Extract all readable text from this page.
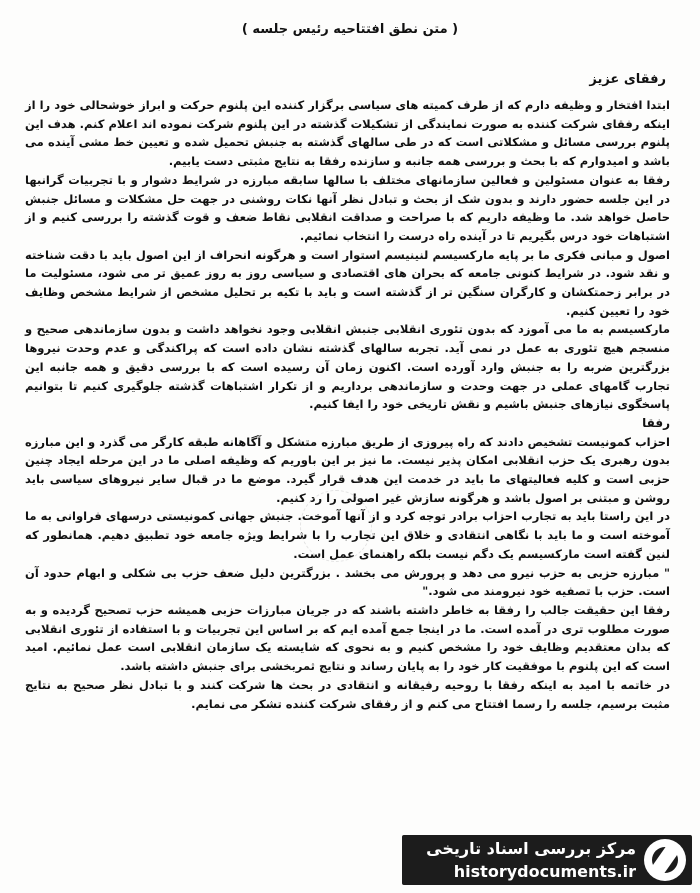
( متن نطق افتتاحیه رئیس جلسه )
رفقای عزیز

ابتدا افتخار و وظیفه دارم که از طرف کمیته های سیاسی برگزار کننده این پلنوم حرکت و ابراز خوشحالی خود را از اینکه رفقای شرکت کننده به صورت نمایندگی از تشکیلات گذشته در این پلنوم شرکت نموده اند اعلام کنم. هدف این پلنوم بررسی مسائل و مشکلاتی است که در طی سالهای گذشته به جنبش تحمیل شده و تعیین خط مشی آینده می باشد و امیدوارم که با بحث و بررسی همه جانبه و سازنده رفقا به نتایج مثبتی دست یابیم.

رفقا به عنوان مسئولین و فعالین سازمانهای مختلف با سالها سابقه مبارزه در شرایط دشوار و با تجربیات گرانبها در این جلسه حضور دارند و بدون شک از بحث و تبادل نظر آنها نکات روشنی در جهت حل مشکلات و مسائل جنبش حاصل خواهد شد. ما وظیفه داریم که با صراحت و صداقت انقلابی نقاط ضعف و قوت گذشته را بررسی کنیم و از اشتباهات خود درس بگیریم تا در آینده راه درست را انتخاب نمائیم.

اصول و مبانی فکری ما بر پایه مارکسیسم لنینیسم استوار است و هرگونه انحراف از این اصول باید با دقت شناخته و نقد شود. در شرایط کنونی جامعه که بحران های اقتصادی و سیاسی روز به روز عمیق تر می شود، مسئولیت ما در برابر زحمتکشان و کارگران سنگین تر از گذشته است و باید با تکیه بر تحلیل مشخص از شرایط مشخص وظایف خود را تعیین کنیم.

مارکسیسم به ما می آموزد که بدون تئوری انقلابی جنبش انقلابی وجود نخواهد داشت و بدون سازماندهی صحیح و منسجم هیچ تئوری به عمل در نمی آید. تجربه سالهای گذشته نشان داده است که پراکندگی و عدم وحدت نیروها بزرگترین ضربه را به جنبش وارد آورده است. اکنون زمان آن رسیده است که با بررسی دقیق و همه جانبه این تجارب گامهای عملی در جهت وحدت و سازماندهی برداریم و از تکرار اشتباهات گذشته جلوگیری کنیم تا بتوانیم پاسخگوی نیازهای جنبش باشیم و نقش تاریخی خود را ایفا کنیم.

رفقا

احزاب کمونیست تشخیص دادند که راه پیروزی از طریق مبارزه متشکل و آگاهانه طبقه کارگر می گذرد و این مبارزه بدون رهبری یک حزب انقلابی امکان پذیر نیست. ما نیز بر این باوریم که وظیفه اصلی ما در این مرحله ایجاد چنین حزبی است و کلیه فعالیتهای ما باید در خدمت این هدف قرار گیرد. موضع ما در قبال سایر نیروهای سیاسی باید روشن و مبتنی بر اصول باشد و هرگونه سازش غیر اصولی را رد کنیم.

در این راستا باید به تجارب احزاب برادر توجه کرد و از آنها آموخت. جنبش جهانی کمونیستی درسهای فراوانی به ما آموخته است و ما باید با نگاهی انتقادی و خلاق این تجارب را با شرایط ویژه جامعه خود تطبیق دهیم. همانطور که لنین گفته است مارکسیسم یک دگم نیست بلکه راهنمای عمل است.

" مبارزه حزبی به حزب نیرو می دهد و پرورش می بخشد . بزرگترین دلیل ضعف حزب بی شکلی و ابهام حدود آن است. حزب با تصفیه خود نیرومند می شود."

رفقا این حقیقت جالب را رفقا به خاطر داشته باشند که در جریان مبارزات حزبی همیشه حزب تصحیح گردیده و به صورت مطلوب تری در آمده است. ما در اینجا جمع آمده ایم که بر اساس این تجربیات و با استفاده از تئوری انقلابی که بدان معتقدیم وظایف خود را مشخص کنیم و به نحوی که شایسته یک سازمان انقلابی است عمل نمائیم. امید است که این پلنوم با موفقیت کار خود را به پایان رساند و نتایج ثمربخشی برای جنبش داشته باشد.

در خاتمه با امید به اینکه رفقا با روحیه رفیقانه و انتقادی در بحث ها شرکت کنند و با تبادل نظر صحیح به نتایج مثبت برسیم، جلسه را رسما افتتاح می کنم و از رفقای شرکت کننده تشکر می نمایم.

مرکز بررسی اسناد تاریخی
historydocuments.ir
